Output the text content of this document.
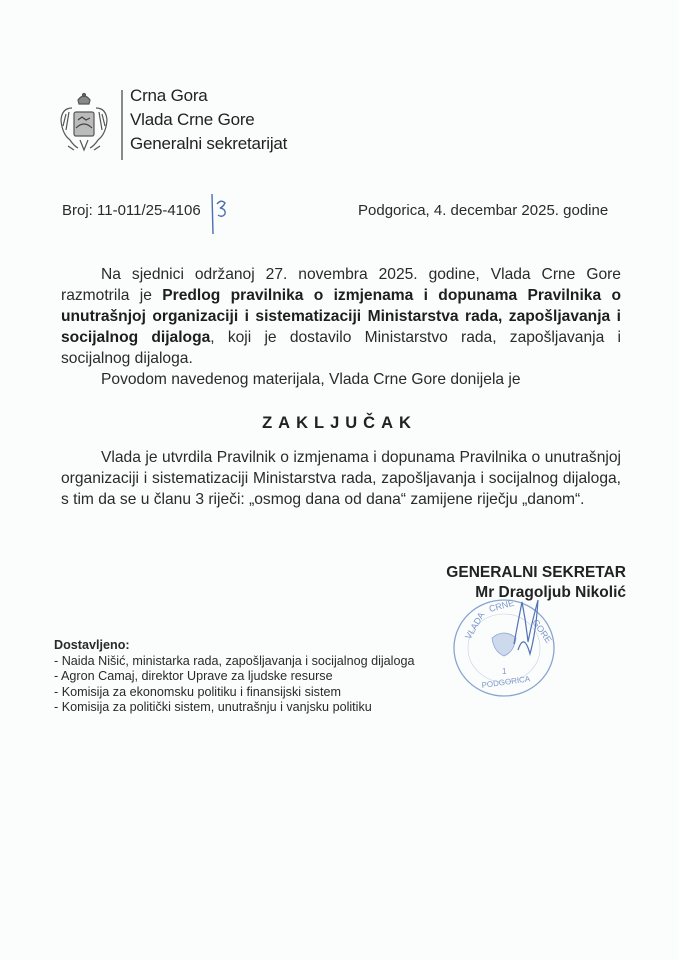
Crna Gora
Vlada Crne Gore
Generalni sekretarijat
Broj: 11-011/25-4106	Podgorica, 4. decembar 2025. godine

Na sjednici održanoj 27. novembra 2025. godine, Vlada Crne Gore razmotrila je Predlog pravilnika o izmjenama i dopunama Pravilnika o unutrašnjoj organizaciji i sistematizaciji Ministarstva rada, zapošljavanja i socijalnog dijaloga, koji je dostavilo Ministarstvo rada, zapošljavanja i socijalnog dijaloga.

Povodom navedenog materijala, Vlada Crne Gore donijela je

ZAKLJUČAK

Vlada je utvrdila Pravilnik o izmjenama i dopunama Pravilnika o unutrašnjoj organizaciji i sistematizaciji Ministarstva rada, zapošljavanja i socijalnog dijaloga, s tim da se u članu 3 riječi: „osmog dana od dana“ zamijene riječju „danom“.

GENERALNI SEKRETAR
Mr Dragoljub Nikolić
VLADA
CRNE
GORE
1
PODGORICA
Dostavljeno:
- Naida Nišić, ministarka rada, zapošljavanja i socijalnog dijaloga
- Agron Camaj, direktor Uprave za ljudske resurse
- Komisija za ekonomsku politiku i finansijski sistem
- Komisija za politički sistem, unutrašnju i vanjsku politiku
